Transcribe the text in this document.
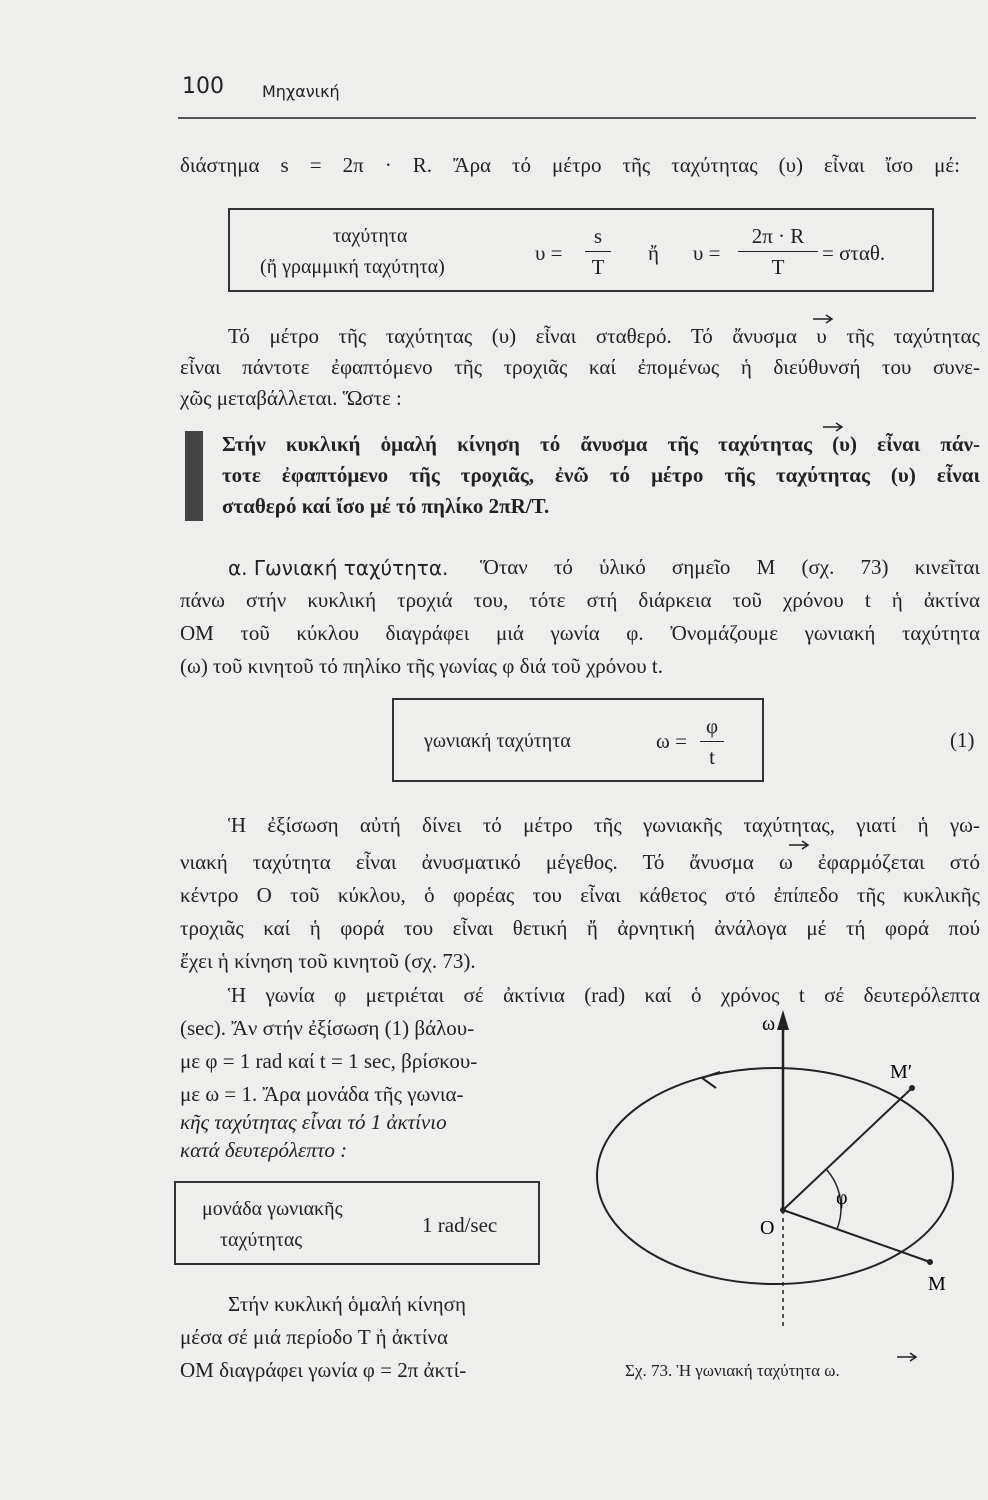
100 Μηχανική
διάστημα s = 2π · R. Ἄρα τό μέτρο τῆς ταχύτητας (υ) εἶναι ἴσο μέ:
ταχύτητα
(ἤ γραμμική ταχύτητα)
υ =
s
T
ἤ υ =
2π · R
T
= σταθ.
Τό μέτρο τῆς ταχύτητας (υ) εἶναι σταθερό. Τό ἄνυσμα υ τῆς ταχύτητας
εἶναι πάντοτε ἐφαπτόμενο τῆς τροχιᾶς καί ἐπομένως ἡ διεύθυνσή του συνε-
χῶς μεταβάλλεται. Ὥστε :
Στήν κυκλική ὁμαλή κίνηση τό ἄνυσμα τῆς ταχύτητας (υ) εἶναι πάν-
τοτε ἐφαπτόμενο τῆς τροχιᾶς, ἐνῶ τό μέτρο τῆς ταχύτητας (υ) εἶναι
σταθερό καί ἴσο μέ τό πηλίκο 2πR/T.
α. Γωνιακή ταχύτητα. Ὅταν τό ὑλικό σημεῖο Μ (σχ. 73) κινεῖται
πάνω στήν κυκλική τροχιά του, τότε στή διάρκεια τοῦ χρόνου t ἡ ἀκτίνα
ΟΜ τοῦ κύκλου διαγράφει μιά γωνία φ. Ὀνομάζουμε γωνιακή ταχύτητα
(ω) τοῦ κινητοῦ τό πηλίκο τῆς γωνίας φ διά τοῦ χρόνου t.
γωνιακή ταχύτητα	ω =
φ
t
(1)
Ἡ ἐξίσωση αὐτή δίνει τό μέτρο τῆς γωνιακῆς ταχύτητας, γιατί ἡ γω-
νιακή ταχύτητα εἶναι ἀνυσματικό μέγεθος. Τό ἄνυσμα ω ἐφαρμόζεται στό
κέντρο Ο τοῦ κύκλου, ὁ φορέας του εἶναι κάθετος στό ἐπίπεδο τῆς κυκλικῆς
τροχιᾶς καί ἡ φορά του εἶναι θετική ἤ ἀρνητική ἀνάλογα μέ τή φορά πού
ἔχει ἡ κίνηση τοῦ κινητοῦ (σχ. 73).
Ἡ γωνία φ μετριέται σέ ἀκτίνια (rad) καί ὁ χρόνος t σέ δευτερόλεπτα
(sec). Ἄν στήν ἐξίσωση (1) βάλου-
με φ = 1 rad καί t = 1 sec, βρίσκου-
με ω = 1. Ἄρα μονάδα τῆς γωνια-
κῆς ταχύτητας εἶναι τό 1 ἀκτίνιο
κατά δευτερόλεπτο :
μονάδα γωνιακῆς
ταχύτητας
1 rad/sec
Στήν κυκλική ὁμαλή κίνηση
μέσα σέ μιά περίοδο T ἡ ἀκτίνα
ΟΜ διαγράφει γωνία φ = 2π ἀκτί-
ω
Μ′
Μ
Ο
φ
Σχ. 73. Ἡ γωνιακή ταχύτητα ω.
